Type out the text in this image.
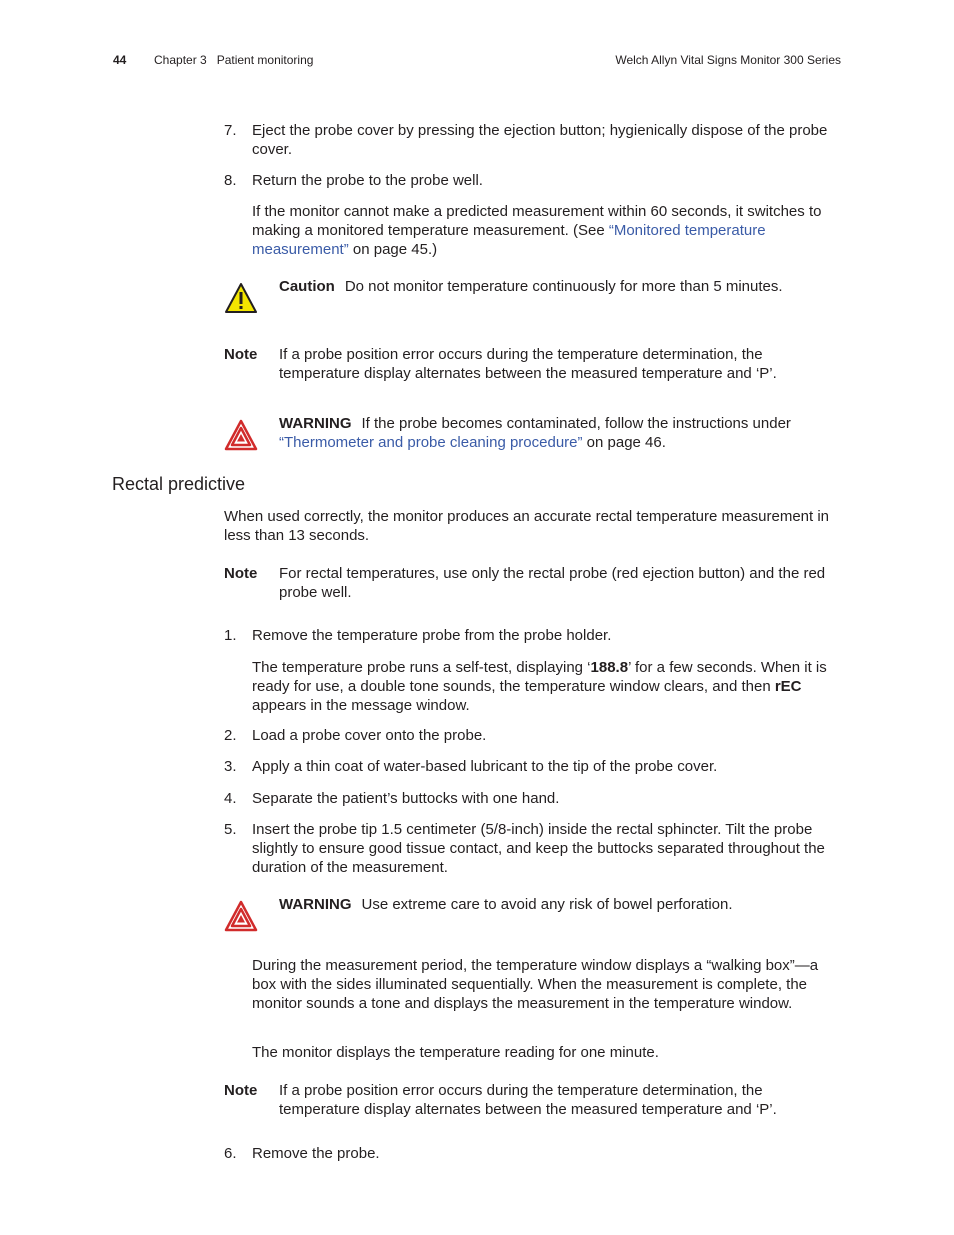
44 Chapter 3   Patient monitoring	Welch Allyn Vital Signs Monitor 300 Series
7. Eject the probe cover by pressing the ejection button; hygienically dispose of the probe cover.
8. Return the probe to the probe well.
If the monitor cannot make a predicted measurement within 60 seconds, it switches to making a monitored temperature measurement. (See “Monitored temperature measurement” on page 45.)
Caution Do not monitor temperature continuously for more than 5 minutes.
Note If a probe position error occurs during the temperature determination, the temperature display alternates between the measured temperature and ‘P’.
WARNING If the probe becomes contaminated, follow the instructions under “Thermometer and probe cleaning procedure” on page 46.
Rectal predictive
When used correctly, the monitor produces an accurate rectal temperature measurement in less than 13 seconds.
Note For rectal temperatures, use only the rectal probe (red ejection button) and the red probe well.
1. Remove the temperature probe from the probe holder.
The temperature probe runs a self-test, displaying ‘188.8’ for a few seconds. When it is ready for use, a double tone sounds, the temperature window clears, and then rEC appears in the message window.
2. Load a probe cover onto the probe.
3. Apply a thin coat of water-based lubricant to the tip of the probe cover.
4. Separate the patient’s buttocks with one hand.
5. Insert the probe tip 1.5 centimeter (5/8-inch) inside the rectal sphincter. Tilt the probe slightly to ensure good tissue contact, and keep the buttocks separated throughout the duration of the measurement.
WARNING Use extreme care to avoid any risk of bowel perforation.
During the measurement period, the temperature window displays a “walking box”—a box with the sides illuminated sequentially. When the measurement is complete, the monitor sounds a tone and displays the measurement in the temperature window.
The monitor displays the temperature reading for one minute.
Note If a probe position error occurs during the temperature determination, the temperature display alternates between the measured temperature and ‘P’.
6. Remove the probe.
